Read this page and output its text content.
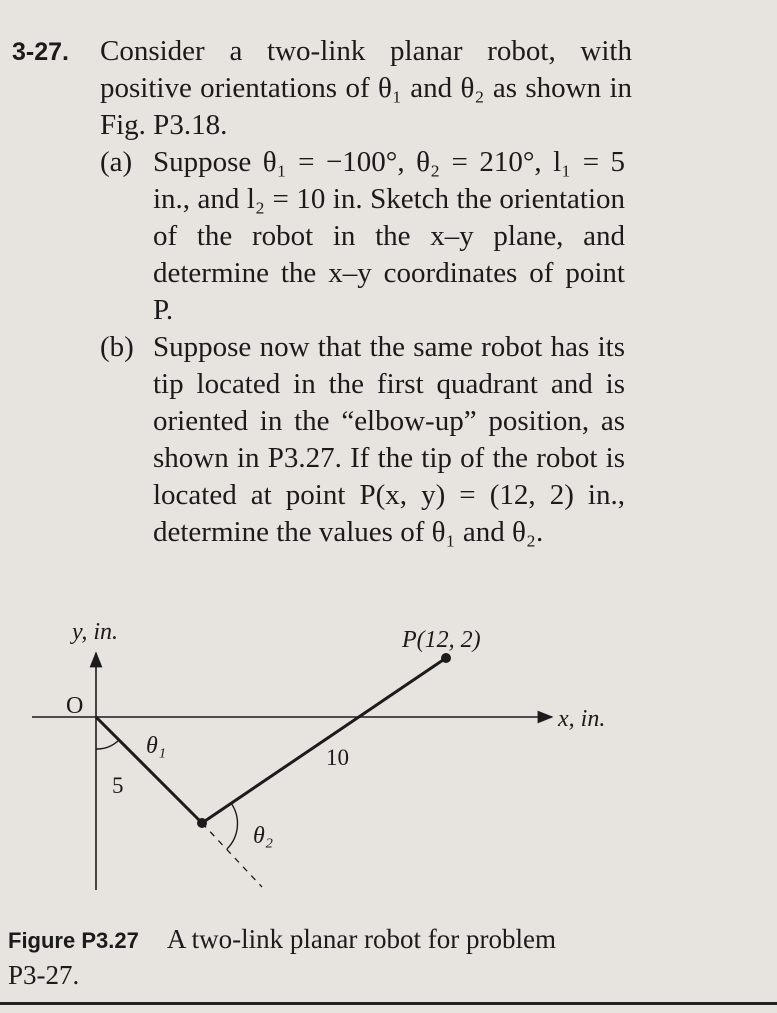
3-27. Consider a two-link planar robot, with positive orientations of θ₁ and θ₂ as shown in Fig. P3.18.
(a) Suppose θ₁ = −100°, θ₂ = 210°, l₁ = 5 in., and l₂ = 10 in. Sketch the orientation of the robot in the x–y plane, and determine the x–y coordinates of point P.
(b) Suppose now that the same robot has its tip located in the first quadrant and is oriented in the “elbow-up” position, as shown in P3.27. If the tip of the robot is located at point P(x, y) = (12, 2) in., determine the values of θ₁ and θ₂.
y, in.
x, in.
O
P(12, 2)
θ₁
θ₂
5
10
Figure P3.27 A two-link planar robot for problem P3-27.
